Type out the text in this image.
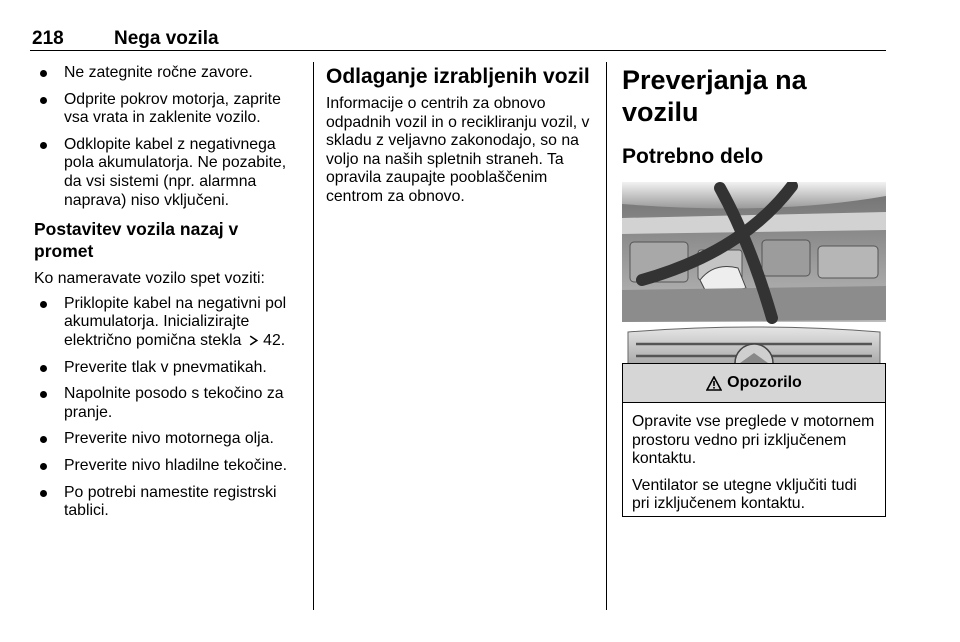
218	Nega vozila
Ne zategnite ročne zavore.
Odprite pokrov motorja, zaprite vsa vrata in zaklenite vozilo.
Odklopite kabel z negativnega pola akumulatorja. Ne pozabite, da vsi sistemi (npr. alarmna naprava) niso vključeni.
Postavitev vozila nazaj v promet

Ko nameravate vozilo spet voziti:

Priklopite kabel na negativni pol akumulatorja. Inicializirajte električno pomična stekla 42.
Preverite tlak v pnevmatikah.
Napolnite posodo s tekočino za pranje.
Preverite nivo motornega olja.
Preverite nivo hladilne tekočine.
Po potrebi namestite registrski tablici.
Odlaganje izrabljenih vozil

Informacije o centrih za obnovo odpadnih vozil in o recikliranju vozil, v skladu z veljavno zakonodajo, so na voljo na naših spletnih straneh. Ta opravila zaupajte pooblaščenim centrom za obnovo.

Preverjanja na vozilu
Potrebno delo
Opozorilo

Opravite vse preglede v motornem prostoru vedno pri izključenem kontaktu.

Ventilator se utegne vključiti tudi pri izključenem kontaktu.
